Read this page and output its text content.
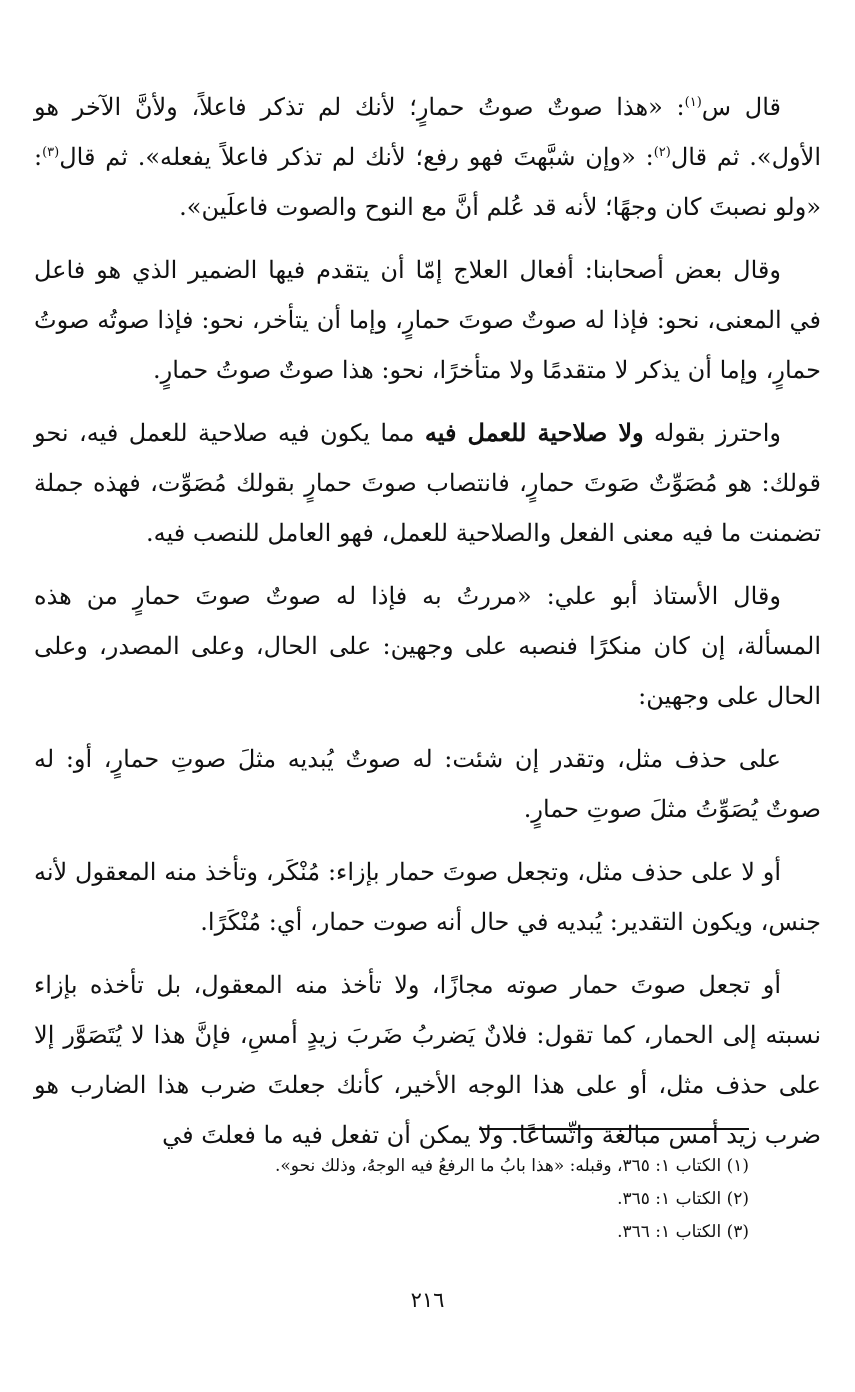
قال س$^{(١)}$: «هذا صوتٌ صوتُ حمارٍ؛ لأنك لم تذكر فاعلاً، ولأنَّ الآخر هو الأول». ثم قال$^{(٢)}$: «وإن شبَّهتَ فهو رفع؛ لأنك لم تذكر فاعلاً يفعله». ثم قال$^{(٣)}$: «ولو نصبتَ كان وجهًا؛ لأنه قد عُلم أنَّ مع النوح والصوت فاعلَين».

وقال بعض أصحابنا: أفعال العلاج إمّا أن يتقدم فيها الضمير الذي هو فاعل في المعنى، نحو: فإذا له صوتٌ صوتَ حمارٍ، وإما أن يتأخر، نحو: فإذا صوتُه صوتُ حمارٍ، وإما أن يذكر لا متقدمًا ولا متأخرًا، نحو: هذا صوتٌ صوتُ حمارٍ.

واحترز بقوله ولا صلاحية للعمل فيه مما يكون فيه صلاحية للعمل فيه، نحو قولك: هو مُصَوِّتٌ صَوتَ حمارٍ، فانتصاب صوتَ حمارٍ بقولك مُصَوِّت، فهذه جملة تضمنت ما فيه معنى الفعل والصلاحية للعمل، فهو العامل للنصب فيه.

وقال الأستاذ أبو علي: «مررتُ به فإذا له صوتٌ صوتَ حمارٍ من هذه المسألة، إن كان منكرًا فنصبه على وجهين: على الحال، وعلى المصدر، وعلى الحال على وجهين:

على حذف مثل، وتقدر إن شئت: له صوتٌ يُبديه مثلَ صوتِ حمارٍ، أو: له صوتٌ يُصَوِّتُ مثلَ صوتِ حمارٍ.

أو لا على حذف مثل، وتجعل صوتَ حمار بإزاء: مُنْكَر، وتأخذ منه المعقول لأنه جنس، ويكون التقدير: يُبديه في حال أنه صوت حمار، أي: مُنْكَرًا.

أو تجعل صوتَ حمار صوته مجازًا، ولا تأخذ منه المعقول، بل تأخذه بإزاء نسبته إلى الحمار، كما تقول: فلانٌ يَضربُ ضَربَ زيدٍ أمسِ، فإنَّ هذا لا يُتَصَوَّر إلا على حذف مثل، أو على هذا الوجه الأخير، كأنك جعلتَ ضرب هذا الضارب هو ضرب زيد أمس مبالغة واتِّساعًا. ولا يمكن أن تفعل فيه ما فعلتَ في

(١) الكتاب ١: ٣٦٥، وقبله: «هذا بابُ ما الرفعُ فيه الوجهُ، وذلك نحو».
(٢) الكتاب ١: ٣٦٥.
(٣) الكتاب ١: ٣٦٦.
٢١٦
